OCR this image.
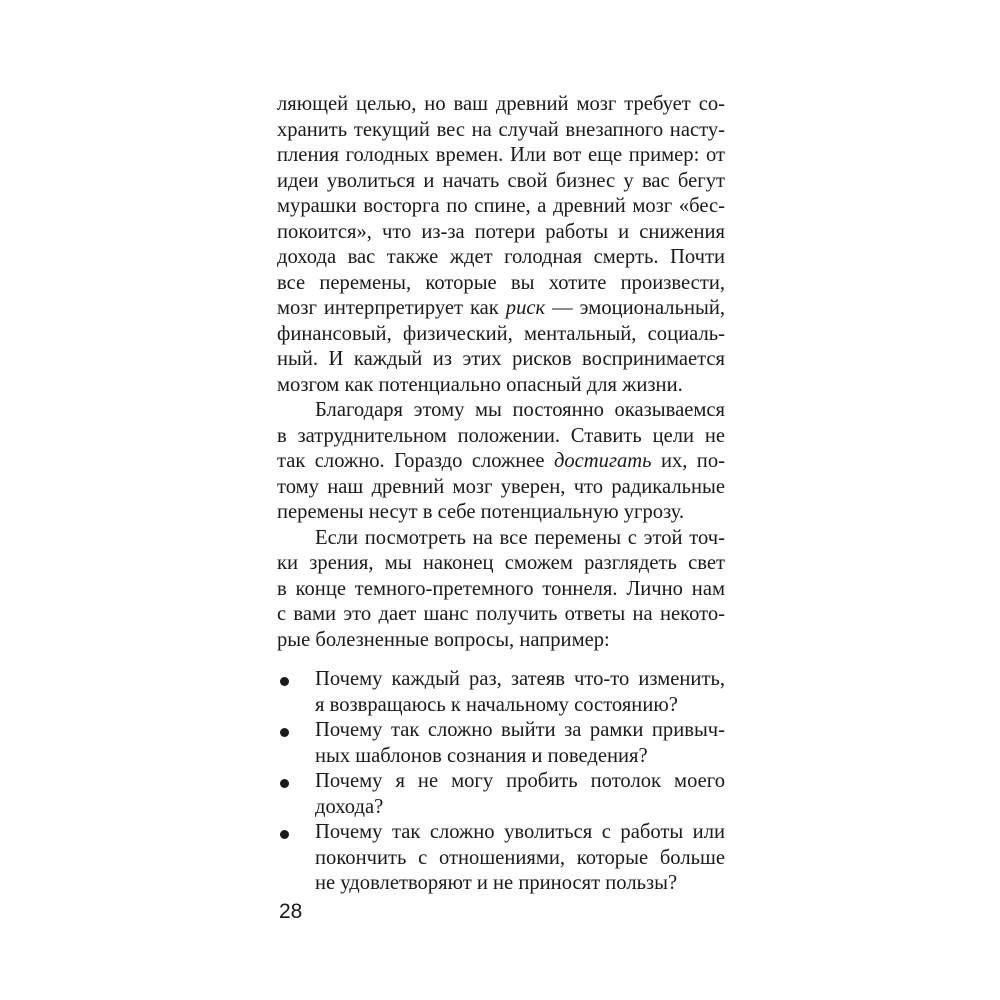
ляющей целью, но ваш древний мозг требует со-
хранить текущий вес на случай внезапного насту-
пления голодных времен. Или вот еще пример: от
идеи уволиться и начать свой бизнес у вас бегут
мурашки восторга по спине, а древний мозг «бес-
покоится», что из-за потери работы и снижения
дохода вас также ждет голодная смерть. Почти
все перемены, которые вы хотите произвести,
мозг интерпретирует как риск — эмоциональный,
финансовый, физический, ментальный, социаль-
ный. И каждый из этих рисков воспринимается
мозгом как потенциально опасный для жизни.
Благодаря этому мы постоянно оказываемся
в затруднительном положении. Ставить цели не
так сложно. Гораздо сложнее достигать их, по-
тому наш древний мозг уверен, что радикальные
перемены несут в себе потенциальную угрозу.
Если посмотреть на все перемены с этой точ-
ки зрения, мы наконец сможем разглядеть свет
в конце темного-претемного тоннеля. Лично нам
с вами это дает шанс получить ответы на некото-
рые болезненные вопросы, например:
Почему каждый раз, затеяв что-то изменить,
я возвращаюсь к начальному состоянию?
Почему так сложно выйти за рамки привыч-
ных шаблонов сознания и поведения?
Почему я не могу пробить потолок моего
дохода?
Почему так сложно уволиться с работы или
покончить с отношениями, которые больше
не удовлетворяют и не приносят пользы?
28
